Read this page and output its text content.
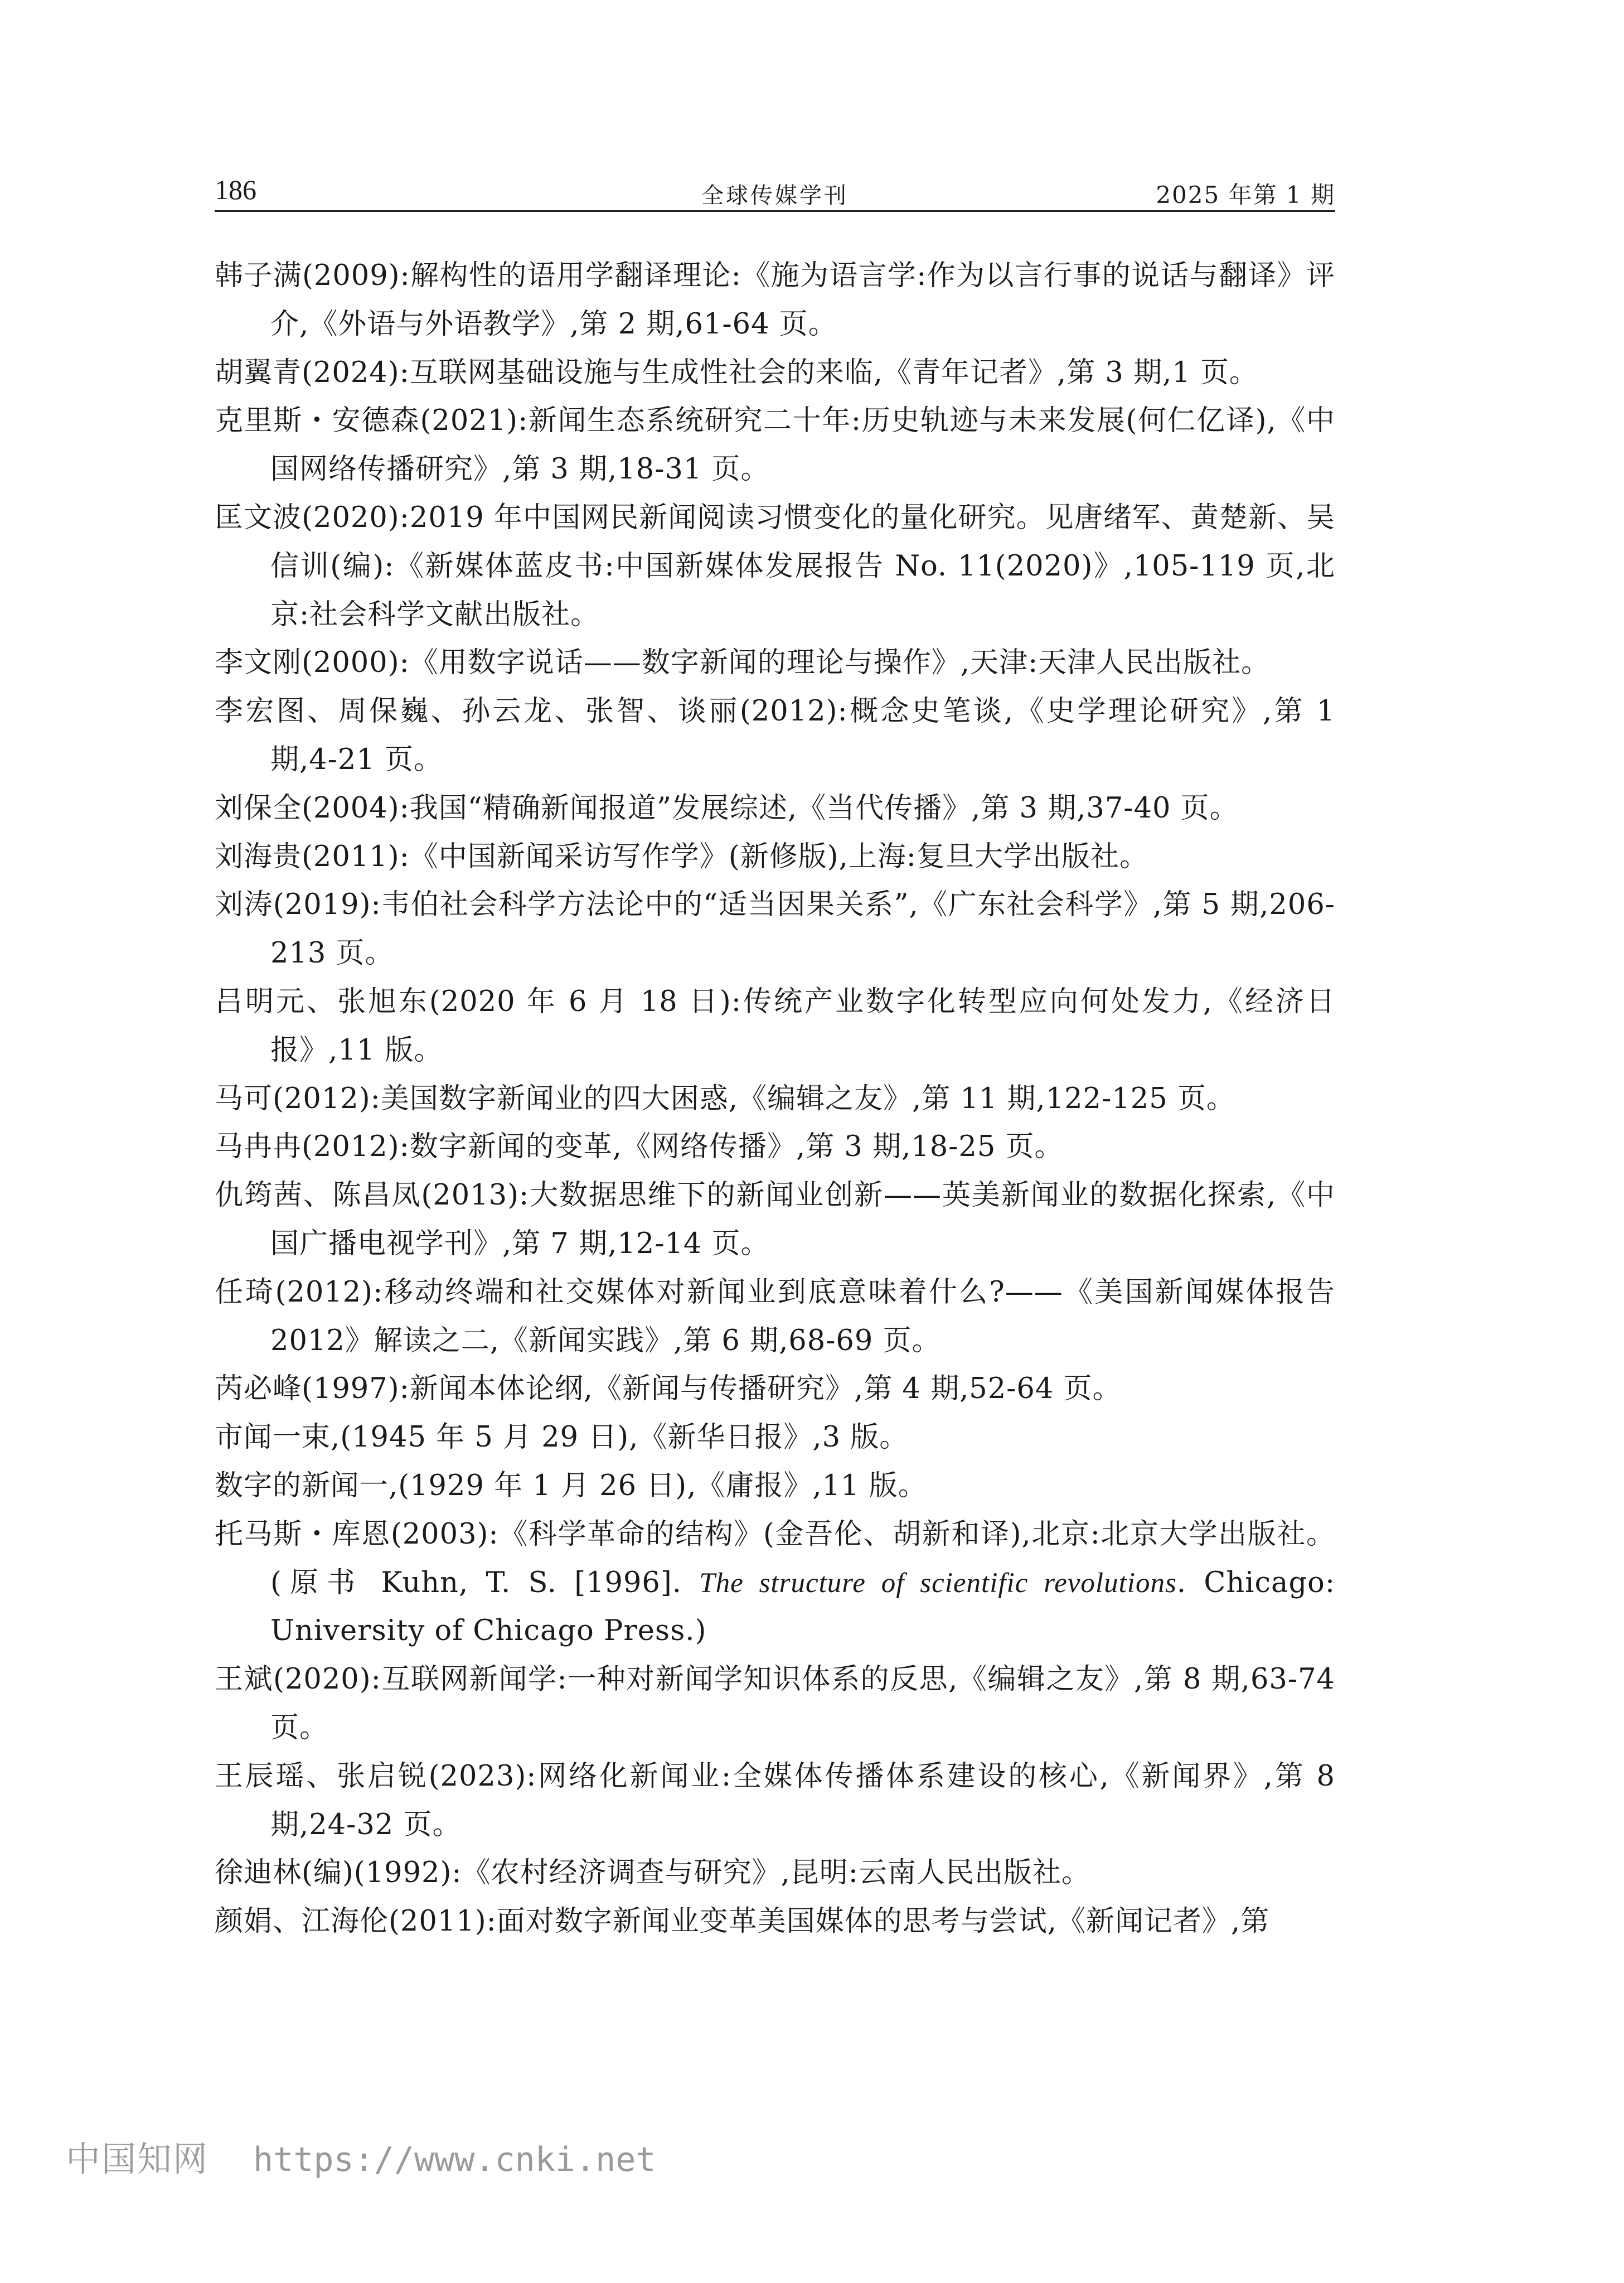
186	全球传媒学刊	2025 年第 1 期
韩子满(2009):解构性的语用学翻译理论:《施为语言学:作为以言行事的说话与翻译》评介,《外语与外语教学》,第 2 期,61-64 页。
胡翼青(2024):互联网基础设施与生成性社会的来临,《青年记者》,第 3 期,1 页。
克里斯・安德森(2021):新闻生态系统研究二十年:历史轨迹与未来发展(何仁亿译),《中国网络传播研究》,第 3 期,18-31 页。
匡文波(2020):2019 年中国网民新闻阅读习惯变化的量化研究。见唐绪军、黄楚新、吴信训(编):《新媒体蓝皮书:中国新媒体发展报告 No. 11(2020)》,105-119 页,北京:社会科学文献出版社。
李文刚(2000):《用数字说话——数字新闻的理论与操作》,天津:天津人民出版社。
李宏图、周保巍、孙云龙、张智、谈丽(2012):概念史笔谈,《史学理论研究》,第 1 期,4-21 页。
刘保全(2004):我国“精确新闻报道”发展综述,《当代传播》,第 3 期,37-40 页。
刘海贵(2011):《中国新闻采访写作学》(新修版),上海:复旦大学出版社。
刘涛(2019):韦伯社会科学方法论中的“适当因果关系”,《广东社会科学》,第 5 期,206-213 页。
吕明元、张旭东(2020 年 6 月 18 日):传统产业数字化转型应向何处发力,《经济日报》,11 版。
马可(2012):美国数字新闻业的四大困惑,《编辑之友》,第 11 期,122-125 页。
马冉冉(2012):数字新闻的变革,《网络传播》,第 3 期,18-25 页。
仇筠茜、陈昌凤(2013):大数据思维下的新闻业创新——英美新闻业的数据化探索,《中国广播电视学刊》,第 7 期,12-14 页。
任琦(2012):移动终端和社交媒体对新闻业到底意味着什么?——《美国新闻媒体报告 2012》解读之二,《新闻实践》,第 6 期,68-69 页。
芮必峰(1997):新闻本体论纲,《新闻与传播研究》,第 4 期,52-64 页。
市闻一束,(1945 年 5 月 29 日),《新华日报》,3 版。
数字的新闻一,(1929 年 1 月 26 日),《庸报》,11 版。
托马斯・库恩(2003):《科学革命的结构》(金吾伦、胡新和译),北京:北京大学出版社。(原书 Kuhn, T. S. [1996]. The structure of scientific revolutions. Chicago: University of Chicago Press.)
王斌(2020):互联网新闻学:一种对新闻学知识体系的反思,《编辑之友》,第 8 期,63-74 页。
王辰瑶、张启锐(2023):网络化新闻业:全媒体传播体系建设的核心,《新闻界》,第 8 期,24-32 页。
徐迪林(编)(1992):《农村经济调查与研究》,昆明:云南人民出版社。
颜娟、江海伦(2011):面对数字新闻业变革美国媒体的思考与尝试,《新闻记者》,第
中国知网 https://www.cnki.net
